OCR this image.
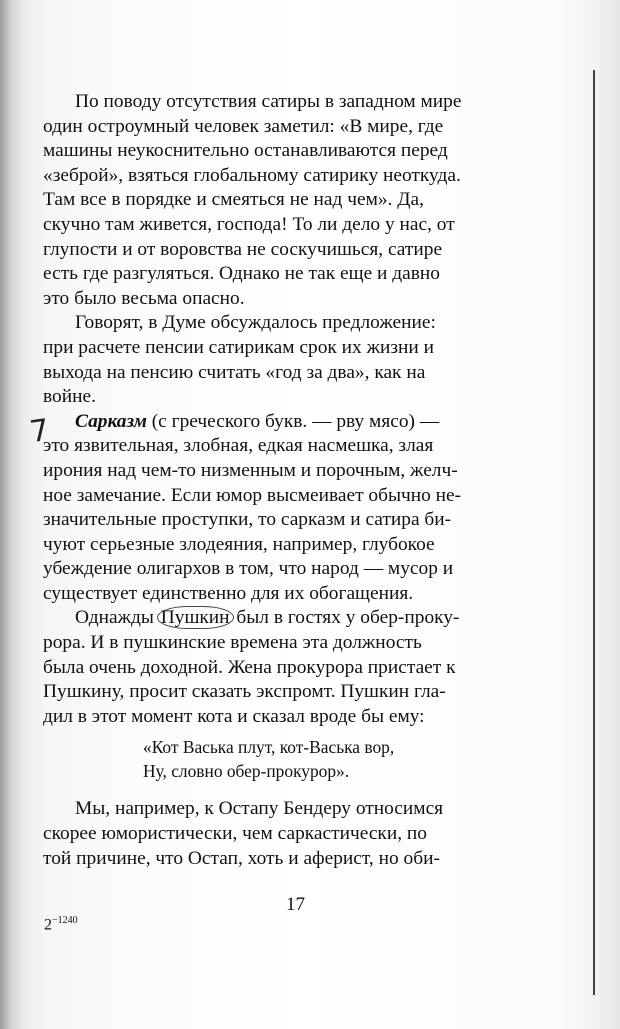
7
По поводу отсутствия сатиры в западном мире
один остроумный человек заметил: «В мире, где
машины неукоснительно останавливаются перед
«зеброй», взяться глобальному сатирику неоткуда.
Там все в порядке и смеяться не над чем». Да,
скучно там живется, господа! То ли дело у нас, от
глупости и от воровства не соскучишься, сатире
есть где разгуляться. Однако не так еще и давно
это было весьма опасно.
Говорят, в Думе обсуждалось предложение:
при расчете пенсии сатирикам срок их жизни и
выхода на пенсию считать «год за два», как на
войне.
Сарказм (с греческого букв. — рву мясо) —
это язвительная, злобная, едкая насмешка, злая
ирония над чем-то низменным и порочным, желч-
ное замечание. Если юмор высмеивает обычно не-
значительные проступки, то сарказм и сатира би-
чуют серьезные злодеяния, например, глубокое
убеждение олигархов в том, что народ — мусор и
существует единственно для их обогащения.
Однажды Пушкин был в гостях у обер-проку-
рора. И в пушкинские времена эта должность
была очень доходной. Жена прокурора пристает к
Пушкину, просит сказать экспромт. Пушкин гла-
дил в этот момент кота и сказал вроде бы ему:
«Кот Васька плут, кот-Васька вор,
Ну, словно обер-прокурор».
Мы, например, к Остапу Бендеру относимся
скорее юмористически, чем саркастически, по
той причине, что Остап, хоть и аферист, но оби-
17
$2^{-1240}$
